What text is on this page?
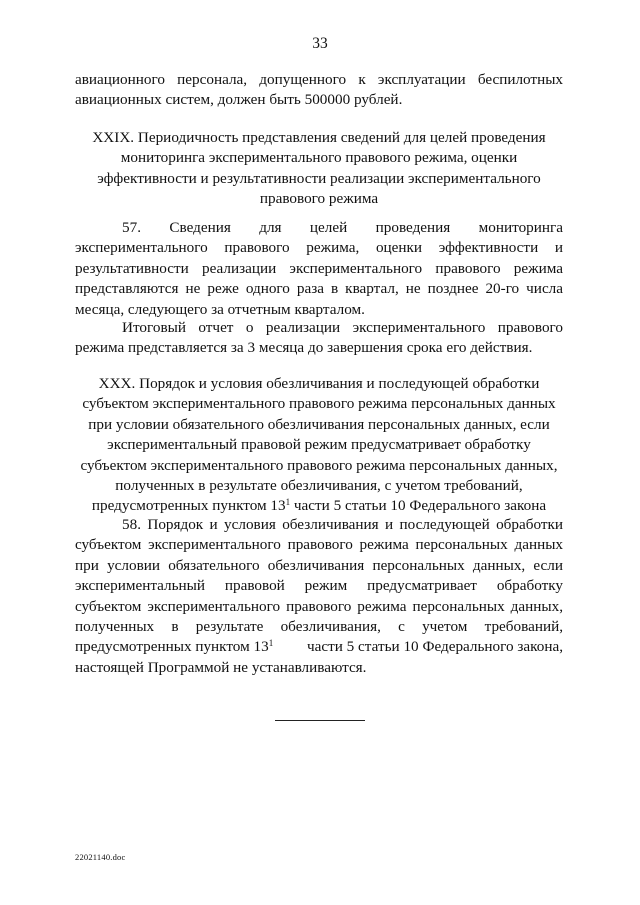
33
авиационного персонала, допущенного к эксплуатации беспилотных
авиационных систем, должен быть 500000 рублей.
XXIX. Периодичность представления сведений для целей проведения
мониторинга экспериментального правового режима, оценки
эффективности и результативности реализации экспериментального
правового режима
57. Сведения для целей проведения мониторинга
экспериментального правового режима, оценки эффективности и
результативности реализации экспериментального правового режима
представляются не реже одного раза в квартал, не позднее 20-го числа
месяца, следующего за отчетным кварталом.
Итоговый отчет о реализации экспериментального правового
режима представляется за 3 месяца до завершения срока его действия.
XXX. Порядок и условия обезличивания и последующей обработки
субъектом экспериментального правового режима персональных данных
при условии обязательного обезличивания персональных данных, если
экспериментальный правовой режим предусматривает обработку
субъектом экспериментального правового режима персональных данных,
полученных в результате обезличивания, с учетом требований,
предусмотренных пунктом $13^1$ части 5 статьи 10 Федерального закона
58. Порядок и условия обезличивания и последующей обработки
субъектом экспериментального правового режима персональных данных
при условии обязательного обезличивания персональных данных, если
экспериментальный правовой режим предусматривает обработку
субъектом экспериментального правового режима персональных данных,
полученных в результате обезличивания, с учетом требований,
предусмотренных пунктом $13^1$ части 5 статьи 10 Федерального закона,
настоящей Программой не устанавливаются.
22021140.doc
